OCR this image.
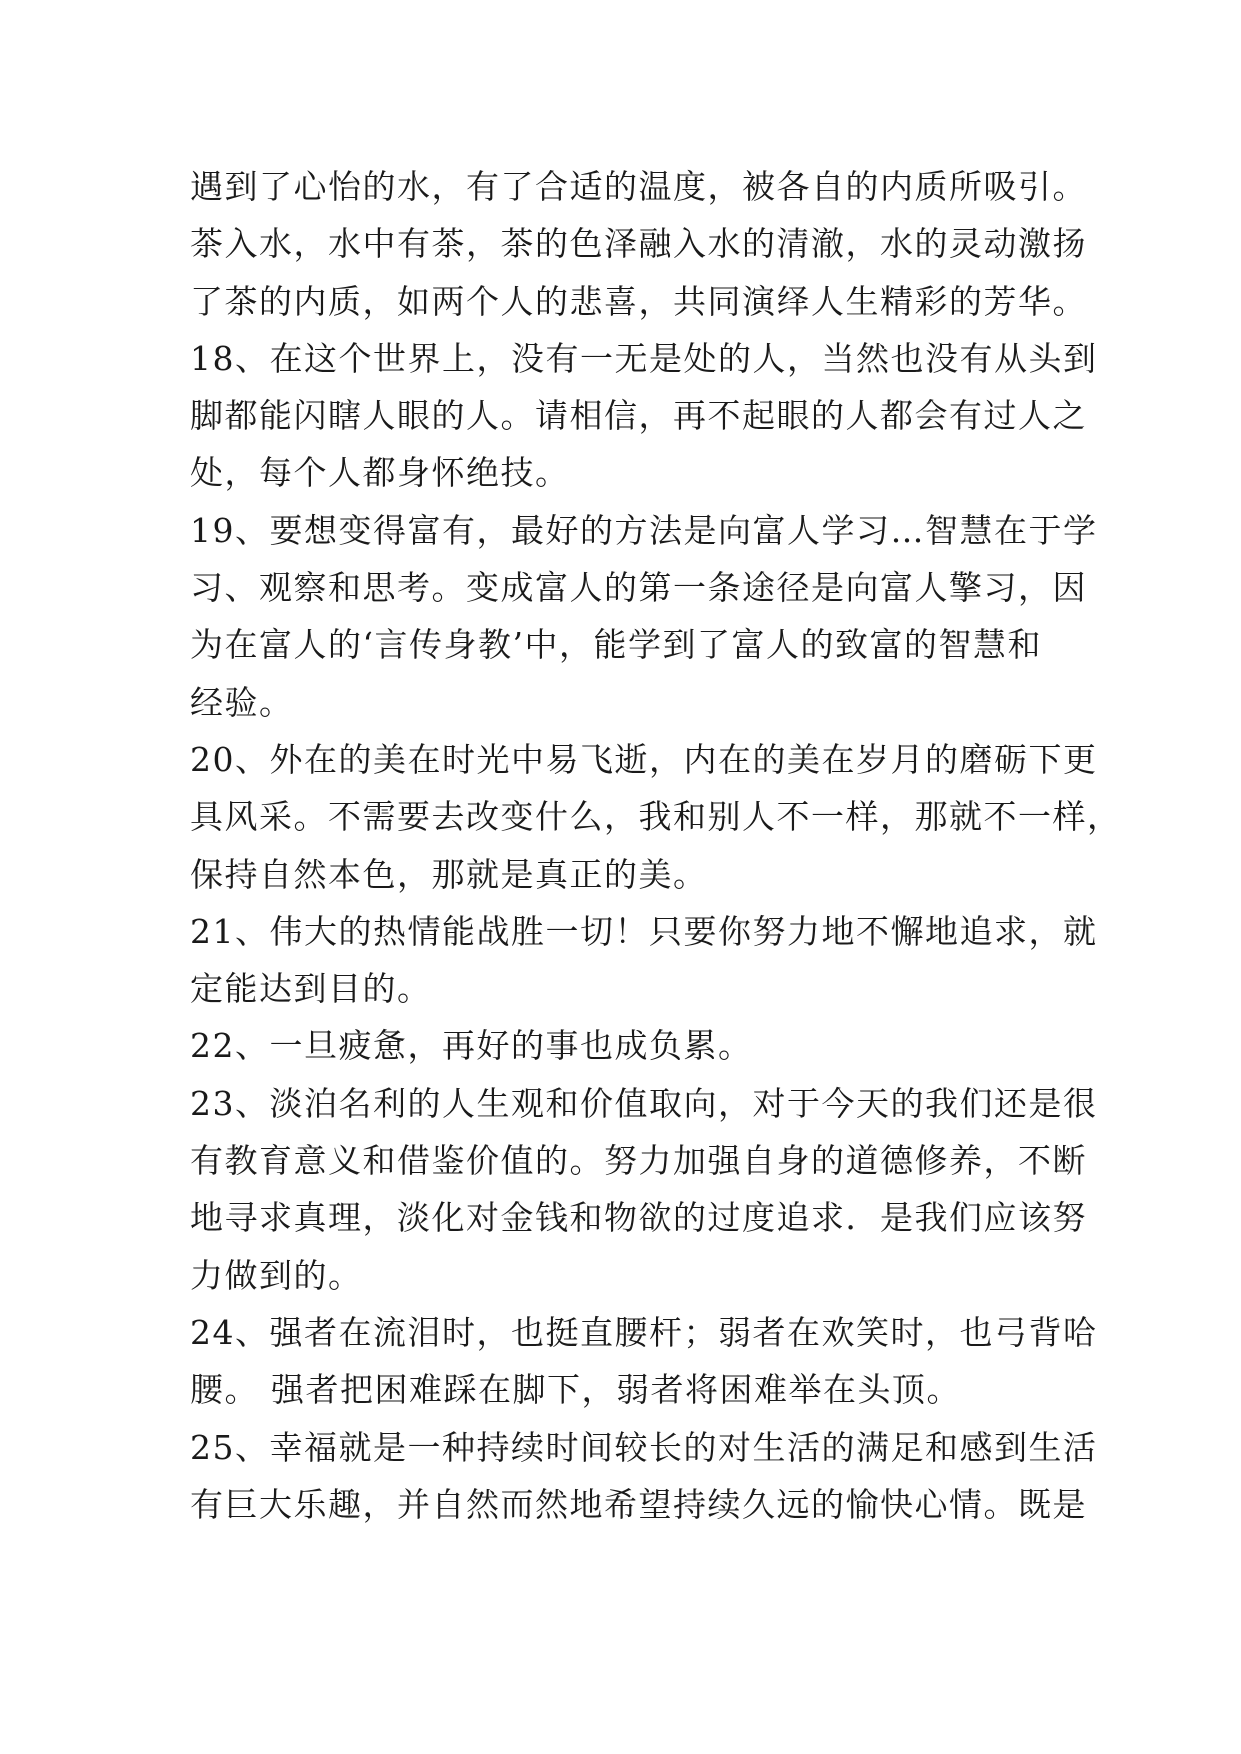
遇到了心怡的水，有了合适的温度，被各自的内质所吸引。
茶入水，水中有茶，茶的色泽融入水的清澈，水的灵动激扬
了茶的内质，如两个人的悲喜，共同演绎人生精彩的芳华。
18、在这个世界上，没有一无是处的人，当然也没有从头到
脚都能闪瞎人眼的人。请相信，再不起眼的人都会有过人之
处，每个人都身怀绝技。
19、要想变得富有，最好的方法是向富人学习…智慧在于学
习、观察和思考。变成富人的第一条途径是向富人擎习，因
为在富人的‘言传身教’中，能学到了富人的致富的智慧和
经验。
20、外在的美在时光中易飞逝，内在的美在岁月的磨砺下更
具风采。不需要去改变什么，我和别人不一样，那就不一样，
保持自然本色，那就是真正的美。
21、伟大的热情能战胜一切！只要你努力地不懈地追求，就
定能达到目的。
22、一旦疲惫，再好的事也成负累。
23、淡泊名利的人生观和价值取向，对于今天的我们还是很
有教育意义和借鉴价值的。努力加强自身的道德修养，不断
地寻求真理，淡化对金钱和物欲的过度追求．是我们应该努
力做到的。
24、强者在流泪时，也挺直腰杆；弱者在欢笑时，也弓背哈
腰。 强者把困难踩在脚下，弱者将困难举在头顶。
25、幸福就是一种持续时间较长的对生活的满足和感到生活
有巨大乐趣，并自然而然地希望持续久远的愉快心情。既是
